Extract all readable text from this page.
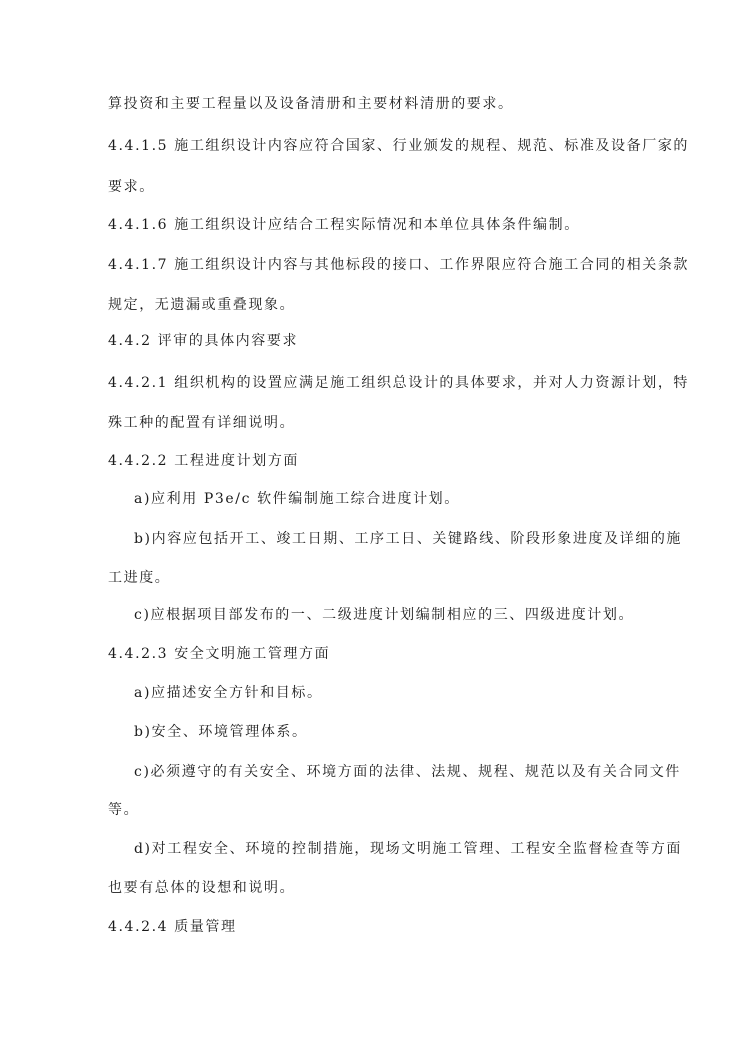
算投资和主要工程量以及设备清册和主要材料清册的要求。
4.4.1.5 施工组织设计内容应符合国家、行业颁发的规程、规范、标准及设备厂家的
要求。
4.4.1.6 施工组织设计应结合工程实际情况和本单位具体条件编制。
4.4.1.7 施工组织设计内容与其他标段的接口、工作界限应符合施工合同的相关条款
规定，无遗漏或重叠现象。
4.4.2 评审的具体内容要求
4.4.2.1 组织机构的设置应满足施工组织总设计的具体要求，并对人力资源计划，特
殊工种的配置有详细说明。
4.4.2.2 工程进度计划方面
a)应利用 P3e/c 软件编制施工综合进度计划。
b)内容应包括开工、竣工日期、工序工日、关键路线、阶段形象进度及详细的施
工进度。
c)应根据项目部发布的一、二级进度计划编制相应的三、四级进度计划。
4.4.2.3 安全文明施工管理方面
a)应描述安全方针和目标。
b)安全、环境管理体系。
c)必须遵守的有关安全、环境方面的法律、法规、规程、规范以及有关合同文件
等。
d)对工程安全、环境的控制措施，现场文明施工管理、工程安全监督检查等方面
也要有总体的设想和说明。
4.4.2.4 质量管理
